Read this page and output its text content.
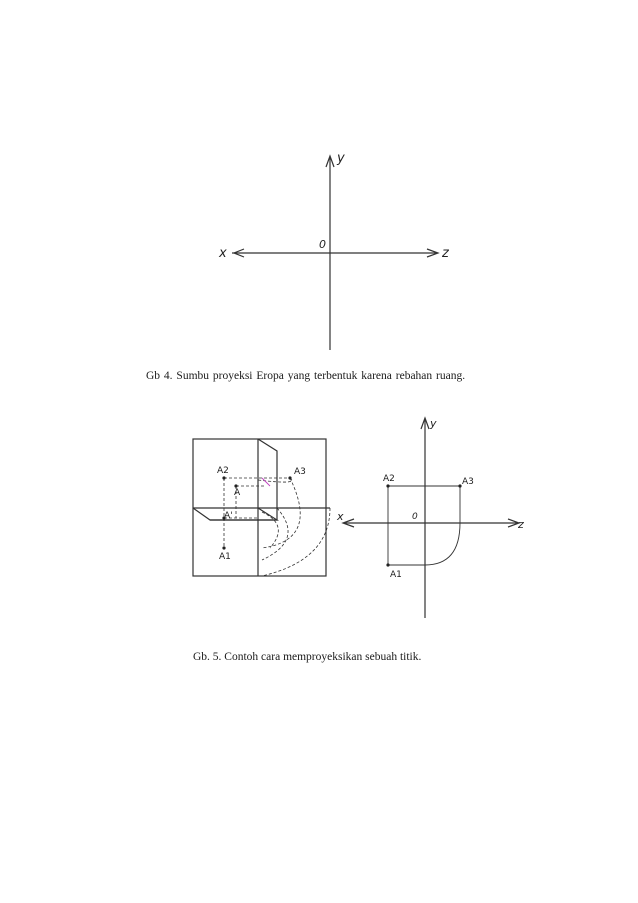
y
x	z
0
A2	A3
A
A'
A1
y
x
z
0
A2	A3
A1
Gb 4. Sumbu proyeksi Eropa yang terbentuk karena rebahan ruang.
Gb. 5. Contoh cara memproyeksikan sebuah titik.
